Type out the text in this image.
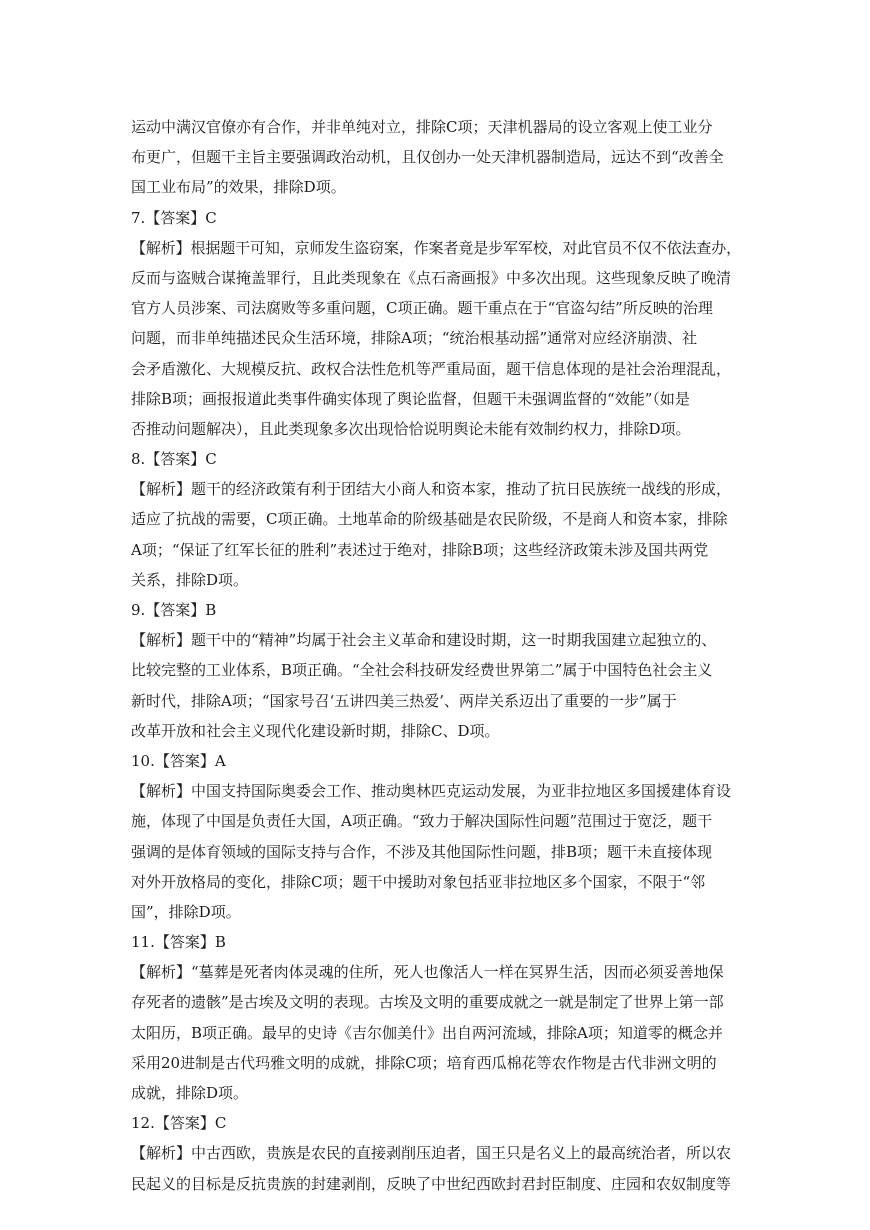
运动中满汉官僚亦有合作，并非单纯对立，排除C项；天津机器局的设立客观上使工业分
布更广，但题干主旨主要强调政治动机，且仅创办一处天津机器制造局，远达不到“改善全
国工业布局”的效果，排除D项。
7.【答案】C
【解析】根据题干可知，京师发生盗窃案，作案者竟是步军军校，对此官员不仅不依法查办，
反而与盗贼合谋掩盖罪行，且此类现象在《点石斋画报》中多次出现。这些现象反映了晚清
官方人员涉案、司法腐败等多重问题，C项正确。题干重点在于“官盗勾结”所反映的治理
问题，而非单纯描述民众生活环境，排除A项；“统治根基动摇”通常对应经济崩溃、社
会矛盾激化、大规模反抗、政权合法性危机等严重局面，题干信息体现的是社会治理混乱，
排除B项；画报报道此类事件确实体现了舆论监督，但题干未强调监督的“效能”（如是
否推动问题解决），且此类现象多次出现恰恰说明舆论未能有效制约权力，排除D项。
8.【答案】C
【解析】题干的经济政策有利于团结大小商人和资本家，推动了抗日民族统一战线的形成，
适应了抗战的需要，C项正确。土地革命的阶级基础是农民阶级，不是商人和资本家，排除
A项；“保证了红军长征的胜利”表述过于绝对，排除B项；这些经济政策未涉及国共两党
关系，排除D项。
9.【答案】B
【解析】题干中的“精神”均属于社会主义革命和建设时期，这一时期我国建立起独立的、
比较完整的工业体系，B项正确。“全社会科技研发经费世界第二”属于中国特色社会主义
新时代，排除A项；“国家号召‘五讲四美三热爱’、两岸关系迈出了重要的一步”属于
改革开放和社会主义现代化建设新时期，排除C、D项。
10.【答案】A
【解析】中国支持国际奥委会工作、推动奥林匹克运动发展，为亚非拉地区多国援建体育设
施，体现了中国是负责任大国，A项正确。“致力于解决国际性问题”范围过于宽泛，题干
强调的是体育领域的国际支持与合作，不涉及其他国际性问题，排B项；题干未直接体现
对外开放格局的变化，排除C项；题干中援助对象包括亚非拉地区多个国家，不限于“邻
国”，排除D项。
11.【答案】B
【解析】“墓葬是死者肉体灵魂的住所，死人也像活人一样在冥界生活，因而必须妥善地保
存死者的遗骸”是古埃及文明的表现。古埃及文明的重要成就之一就是制定了世界上第一部
太阳历，B项正确。最早的史诗《吉尔伽美什》出自两河流域，排除A项；知道零的概念并
采用20进制是古代玛雅文明的成就，排除C项；培育西瓜棉花等农作物是古代非洲文明的
成就，排除D项。
12.【答案】C
【解析】中古西欧，贵族是农民的直接剥削压迫者，国王只是名义上的最高统治者，所以农
民起义的目标是反抗贵族的封建剥削，反映了中世纪西欧封君封臣制度、庄园和农奴制度等
